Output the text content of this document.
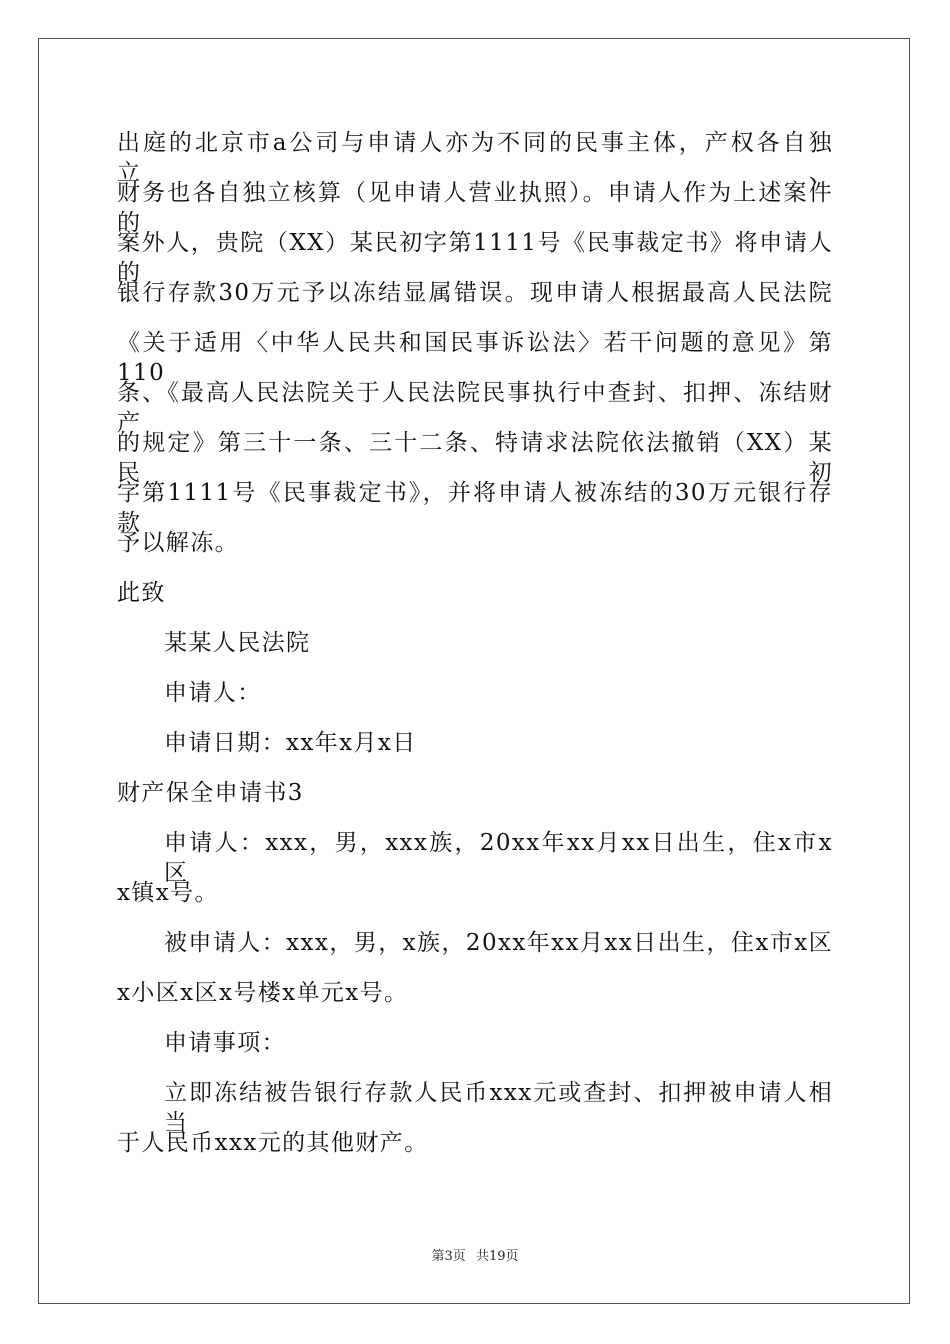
出庭的北京市a公司与申请人亦为不同的民事主体，产权各自独立、
财务也各自独立核算（见申请人营业执照）。申请人作为上述案件的
案外人，贵院（XX）某民初字第1111号《民事裁定书》将申请人的
银行存款30万元予以冻结显属错误。现申请人根据最高人民法院
《关于适用〈中华人民共和国民事诉讼法〉若干问题的意见》第110
条、《最高人民法院关于人民法院民事执行中查封、扣押、冻结财产
的规定》第三十一条、三十二条、特请求法院依法撤销（XX）某民初
字第1111号《民事裁定书》，并将申请人被冻结的30万元银行存款
予以解冻。
此致
某某人民法院
申请人：
申请日期：xx年x月x日
财产保全申请书3
申请人：xxx，男，xxx族，20xx年xx月xx日出生，住x市x区
x镇x号。
被申请人：xxx，男，x族，20xx年xx月xx日出生，住x市x区
x小区x区x号楼x单元x号。
申请事项：
立即冻结被告银行存款人民币xxx元或查封、扣押被申请人相当
于人民币xxx元的其他财产。
第3页 共19页
